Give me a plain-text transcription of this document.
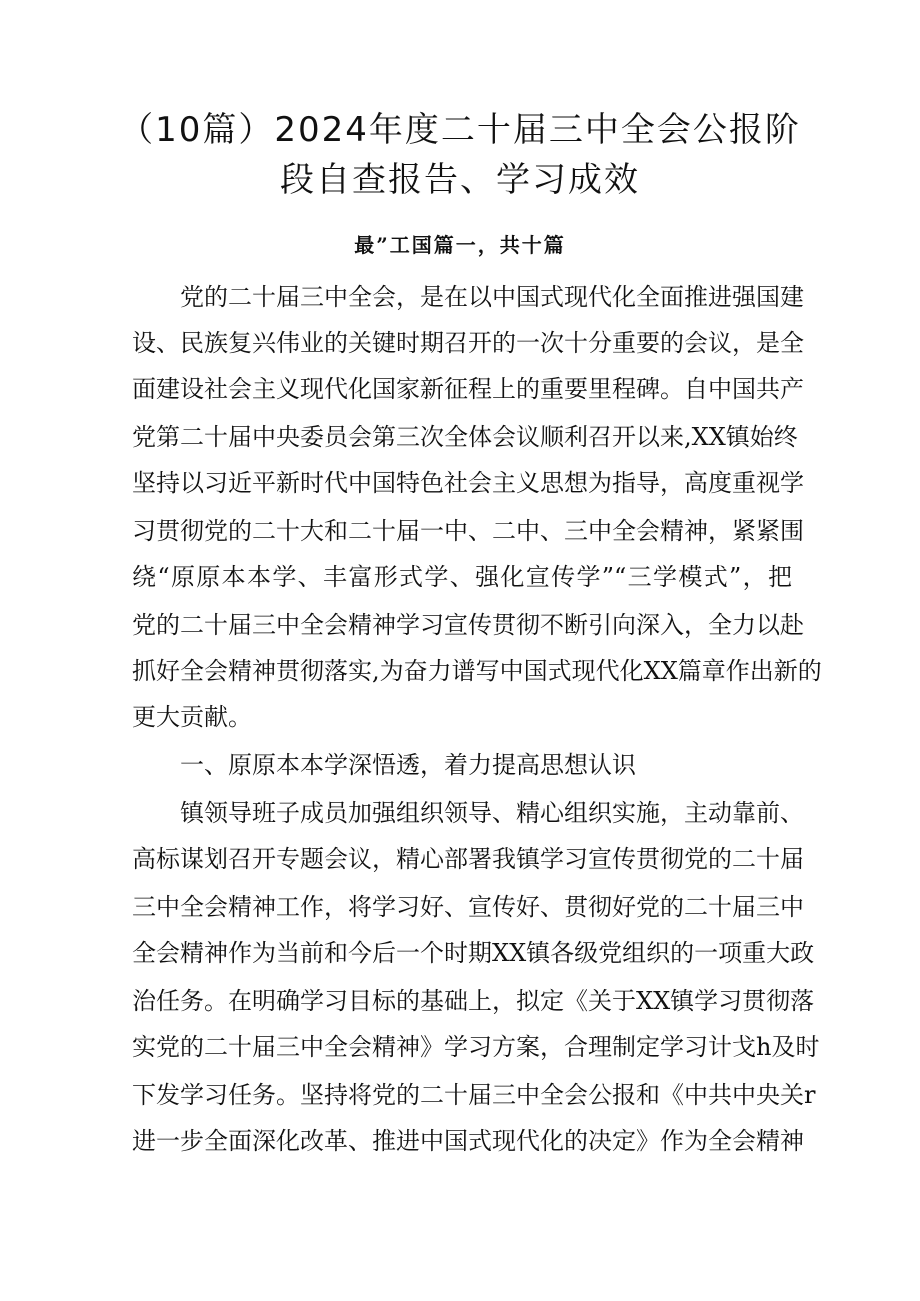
（10篇）2024年度二十届三中全会公报阶
段自查报告、学习成效

最”工国篇一，共十篇

党的二十届三中全会，是在以中国式现代化全面推进强国建

设、民族复兴伟业的关键时期召开的一次十分重要的会议，是全

面建设社会主义现代化国家新征程上的重要里程碑。自中国共产

党第二十届中央委员会第三次全体会议顺利召开以来,XX镇始终

坚持以习近平新时代中国特色社会主义思想为指导，高度重视学

习贯彻党的二十大和二十届一中、二中、三中全会精神，紧紧围

绕“原原本本学、丰富形式学、强化宣传学”“三学模式”，把

党的二十届三中全会精神学习宣传贯彻不断引向深入，全力以赴

抓好全会精神贯彻落实,为奋力谱写中国式现代化XX篇章作出新的

更大贡献。

一、原原本本学深悟透，着力提高思想认识

镇领导班子成员加强组织领导、精心组织实施，主动靠前、

高标谋划召开专题会议，精心部署我镇学习宣传贯彻党的二十届

三中全会精神工作，将学习好、宣传好、贯彻好党的二十届三中

全会精神作为当前和今后一个时期XX镇各级党组织的一项重大政

治任务。在明确学习目标的基础上，拟定《关于XX镇学习贯彻落

实党的二十届三中全会精神》学习方案，合理制定学习计戈h及时

下发学习任务。坚持将党的二十届三中全会公报和《中共中央关r

进一步全面深化改革、推进中国式现代化的决定》作为全会精神
